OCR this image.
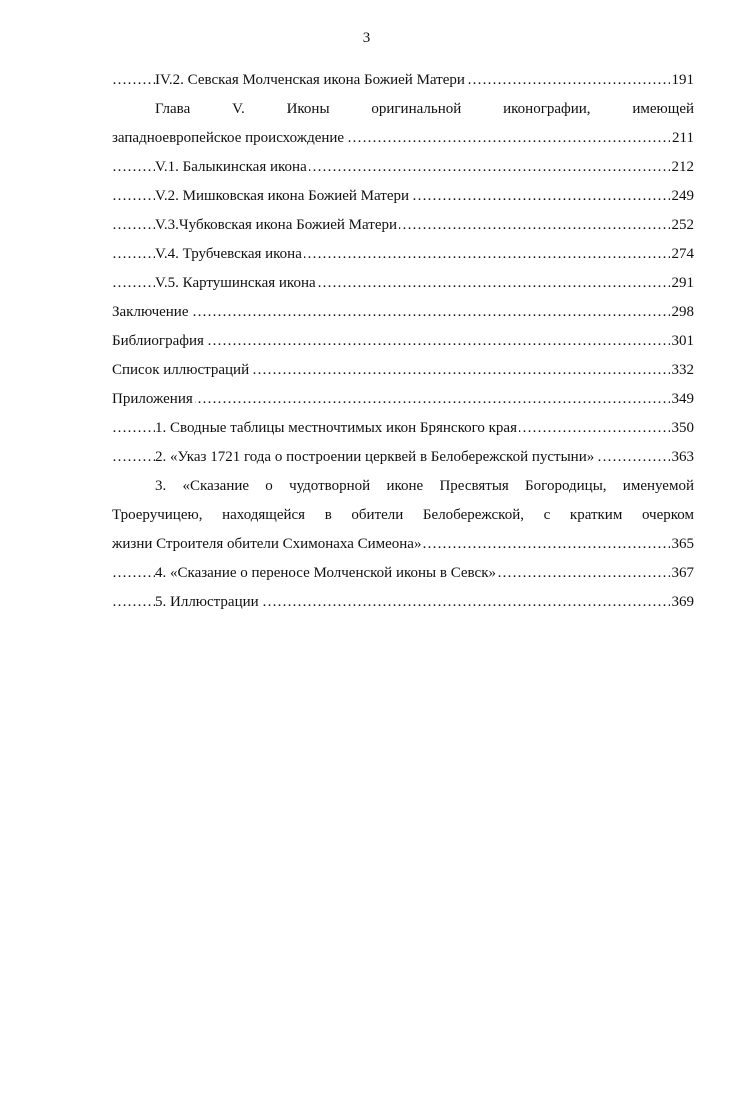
3
IV.2. Севская Молченская икона Божией Матери	191
…………………………………………………………………………………………………………………………………………………………………………………………
Глава V. Иконы оригинальной иконографии, имеющей
западноевропейское происхождение	211
…………………………………………………………………………………………………………………………………………………………………………………………
V.1. Балыкинская икона	212
…………………………………………………………………………………………………………………………………………………………………………………………
V.2. Мишковская икона Божией Матери	249
…………………………………………………………………………………………………………………………………………………………………………………………
V.3.Чубковская икона Божией Матери	252
…………………………………………………………………………………………………………………………………………………………………………………………
V.4. Трубчевская икона	274
…………………………………………………………………………………………………………………………………………………………………………………………
V.5. Картушинская икона	291
…………………………………………………………………………………………………………………………………………………………………………………………
Заключение	298
…………………………………………………………………………………………………………………………………………………………………………………………
Библиография	301
…………………………………………………………………………………………………………………………………………………………………………………………
Список иллюстраций	332
…………………………………………………………………………………………………………………………………………………………………………………………
Приложения	349
…………………………………………………………………………………………………………………………………………………………………………………………
1. Сводные таблицы местночтимых икон Брянского края	350
…………………………………………………………………………………………………………………………………………………………………………………………
2. «Указ 1721 года о построении церквей в Белобережской пустыни»	363
…………………………………………………………………………………………………………………………………………………………………………………………
3. «Сказание о чудотворной иконе Пресвятыя Богородицы, именуемой
Троеручицею, находящейся в обители Белобережской, с кратким очерком
жизни Строителя обители Схимонаха Симеона»	365
…………………………………………………………………………………………………………………………………………………………………………………………
4. «Сказание о переносе Молченской иконы в Севск»	367
…………………………………………………………………………………………………………………………………………………………………………………………
5. Иллюстрации	369
…………………………………………………………………………………………………………………………………………………………………………………………
